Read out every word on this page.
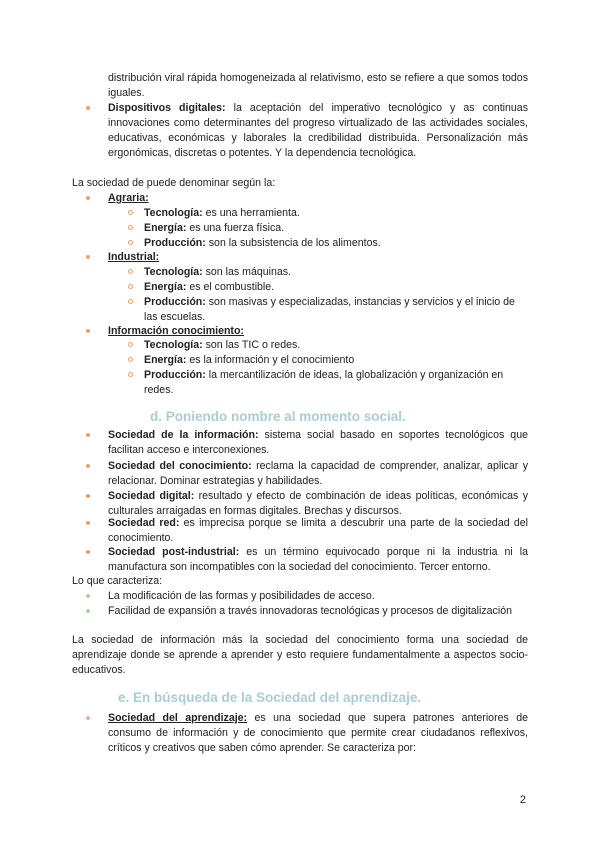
distribución viral rápida homogeneizada al relativismo, esto se refiere a que somos todos iguales.

Dispositivos digitales: la aceptación del imperativo tecnológico y as continuas innovaciones como determinantes del progreso virtualizado de las actividades sociales, educativas, económicas y laborales la credibilidad distribuida. Personalización más ergonómicas, discretas o potentes. Y la dependencia tecnológica.

La sociedad de puede denominar según la:

Agraria:

Tecnología: es una herramienta.

Energía: es una fuerza física.

Producción: son la subsistencia de los alimentos.

Industrial:

Tecnología: son las máquinas.

Energía: es el combustible.

Producción: son masivas y especializadas, instancias y servicios y el inicio de las escuelas.

Información conocimiento:

Tecnología: son las TIC o redes.

Energía: es la información y el conocimiento

Producción: la mercantilización de ideas, la globalización y organización en redes.

d. Poniendo nombre al momento social.

Sociedad de la información: sistema social basado en soportes tecnológicos que facilitan acceso e interconexiones.

Sociedad del conocimiento: reclama la capacidad de comprender, analizar, aplicar y relacionar. Dominar estrategias y habilidades.

Sociedad digital: resultado y efecto de combinación de ideas políticas, económicas y culturales arraigadas en formas digitales. Brechas y discursos.

Sociedad red: es imprecisa porque se limita a descubrir una parte de la sociedad del conocimiento.

Sociedad post-industrial: es un término equivocado porque ni la industria ni la manufactura son incompatibles con la sociedad del conocimiento. Tercer entorno.

Lo que caracteriza:

La modificación de las formas y posibilidades de acceso.

Facilidad de expansión a través innovadoras tecnológicas y procesos de digitalización

La sociedad de información más la sociedad del conocimiento forma una sociedad de aprendizaje donde se aprende a aprender y esto requiere fundamentalmente a aspectos socio-educativos.

e. En búsqueda de la Sociedad del aprendizaje.

Sociedad del aprendizaje: es una sociedad que supera patrones anteriores de consumo de información y de conocimiento que permite crear ciudadanos reflexivos, críticos y creativos que saben cómo aprender. Se caracteriza por:

2
